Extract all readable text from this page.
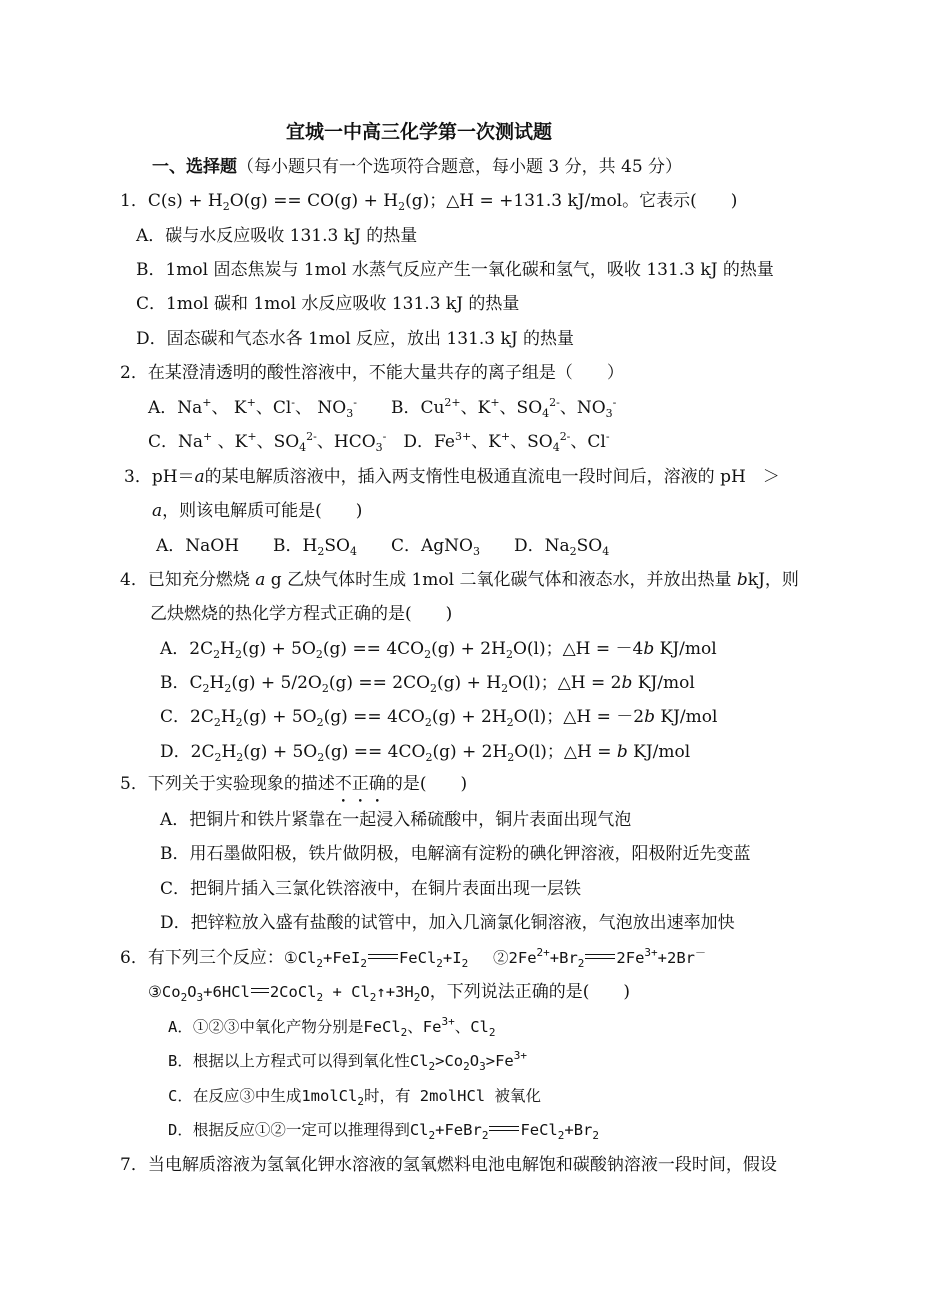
宜城一中高三化学第一次测试题
一、选择题（每小题只有一个选项符合题意，每小题 3 分，共 45 分）
1．$C(s) + H_2O(g) == CO(g) + H_2(g)$；△H = +131.3 kJ/mol。它表示(　　)
A．碳与水反应吸收 131.3 kJ 的热量
B．1mol 固态焦炭与 1mol 水蒸气反应产生一氧化碳和氢气，吸收 131.3 kJ 的热量
C．1mol 碳和 1mol 水反应吸收 131.3 kJ 的热量
D．固态碳和气态水各 1mol 反应，放出 131.3 kJ 的热量
2．在某澄清透明的酸性溶液中，不能大量共存的离子组是（　　）
A．Na+、 K+、Cl-、 $NO_3^-$ B．$Cu^{2+}$、K+、$SO_4^{2-}$、$NO_3^-$
C．Na+ 、K+、$SO_4^{2-}$、$HCO_3^-$　D．$Fe^{3+}$、K+、$SO_4^{2-}$、Cl-
3．pH＝a的某电解质溶液中，插入两支惰性电极通直流电一段时间后，溶液的 pH　＞
a，则该电解质可能是(　　)
A．NaOH　　B．$H_2SO_4$　　C．AgNO$_3$　　D．$Na_2SO_4$
4．已知充分燃烧 a g 乙炔气体时生成 1mol 二氧化碳气体和液态水，并放出热量 bkJ，则
乙炔燃烧的热化学方程式正确的是(　　)
A．$2C_2H_2(g) + 5O_2(g) == 4CO_2(g) + 2H_2O(l)$；△H = －4b KJ/mol
B．$C_2H_2(g) + 5/2O_2(g) == 2CO_2(g) + H_2O(l)$；△H = 2b KJ/mol
C．$2C_2H_2(g) + 5O_2(g) == 4CO_2(g) + 2H_2O(l)$；△H = －2b KJ/mol
D．$2C_2H_2(g) + 5O_2(g) == 4CO_2(g) + 2H_2O(l)$；△H = b KJ/mol
5．下列关于实验现象的描述不正确的是(　　)
A．把铜片和铁片紧靠在一起浸入稀硫酸中，铜片表面出现气泡
B．用石墨做阳极，铁片做阴极，电解滴有淀粉的碘化钾溶液，阳极附近先变蓝
C．把铜片插入三氯化铁溶液中，在铜片表面出现一层铁
D．把锌粒放入盛有盐酸的试管中，加入几滴氯化铜溶液，气泡放出速率加快
6．有下列三个反应：$①Cl_2+FeI_2$ $FeCl_2+I_2$　 $②2Fe^{2+}+Br_2$ $2Fe^{3+}+2Br^-$
$③Co_2O_3+6HCl$ 2CoCl$_2$ + $Cl_2↑+3H_2O$，下列说法正确的是(　　)
A．①②③中氧化产物分别是FeCl$_2$、$Fe^{3+}$、$Cl_2$
B．根据以上方程式可以得到氧化性$Cl_2>Co_2O_3>Fe^{3+}$
C．在反应③中生成1molCl$_2$时，有 2molHCl 被氧化
D．根据反应①②一定可以推理得到$Cl_2+FeBr_2$ $FeCl_2+Br_2$
7．当电解质溶液为氢氧化钾水溶液的氢氧燃料电池电解饱和碳酸钠溶液一段时间，假设
